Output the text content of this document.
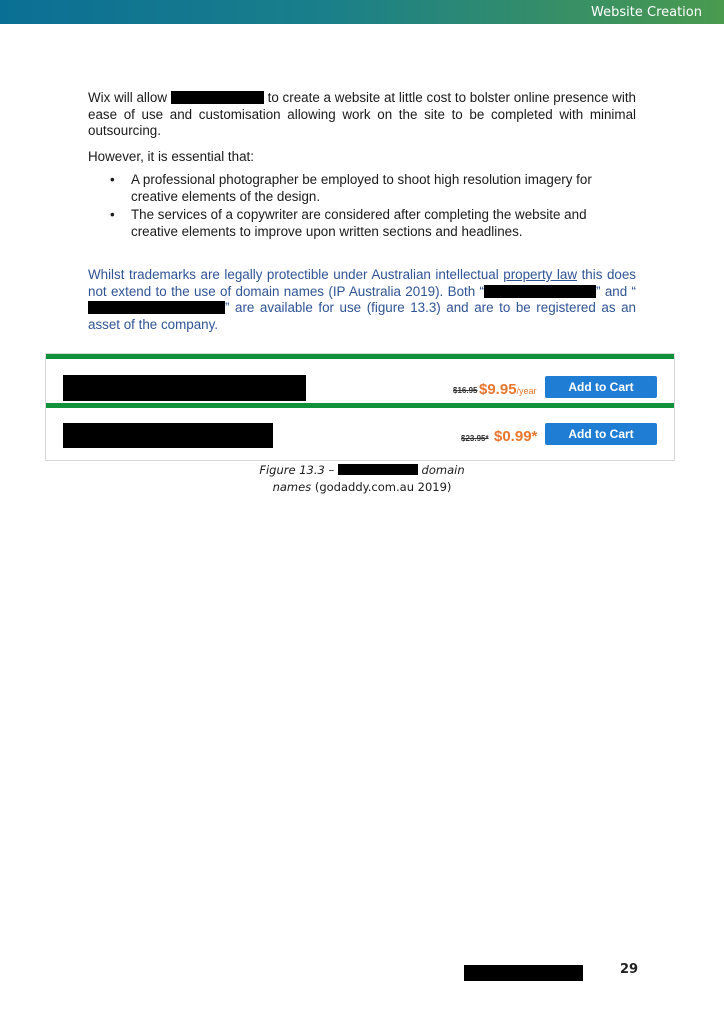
Website Creation

Wix will allow	to create a website at little cost to bolster online presence with ease of use and customisation allowing work on the site to be completed with minimal outsourcing.

However, it is essential that:

• A professional photographer be employed to shoot high resolution imagery for creative elements of the design.
• The services of a copywriter are considered after completing the website and creative elements to improve upon written sections and headlines.

Whilst trademarks are legally protectible under Australian intellectual property law this does not extend to the use of domain names (IP Australia 2019). Both “	” and “” are available for use (figure 13.3) and are to be registered as an asset of the company.

$16.95 $9.95/year	Add to Cart
$23.95* $0.99*	Add to Cart
Figure 13.3 –	domain
names (godaddy.com.au 2019)
29
